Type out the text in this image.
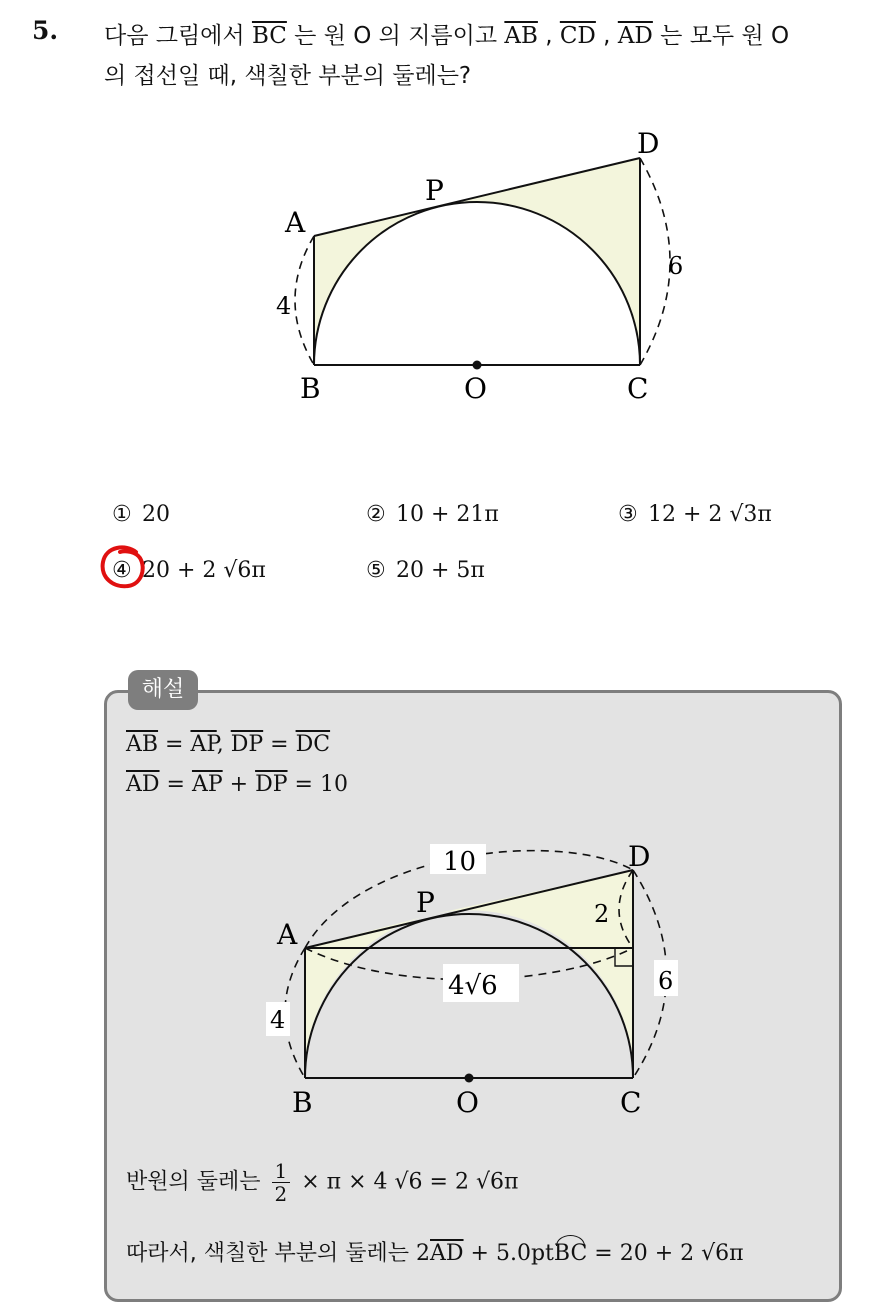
5. 다음 그림에서 $\overline{BC}$ 는 원 O 의 지름이고 $\overline{AB}$ , $\overline{CD}$ , $\overline{AD}$ 는 모두 원 O
의 접선일 때, 색칠한 부분의 둘레는?
A
B	C
D
O
P
4
6
① 20	② 10 + 21π	③ 12 + 2 √3π
④ 20 + 2 √6π	⑤ 20 + 5π
해설
$\overline{AB} = \overline{AP}$, $\overline{DP} = \overline{DC}$
$\overline{AD} = \overline{AP} + \overline{DP} = 10$
10
2
4√6	6
4
A
B	C
D
O
P
반원의 둘레는 $\frac{1}{2} \times \pi \times 4$ √6 = 2 √6π
따라서, 색칠한 부분의 둘레는 $2\overline{AD}$ + 5.0ptBC = 20 + 2 √6π
